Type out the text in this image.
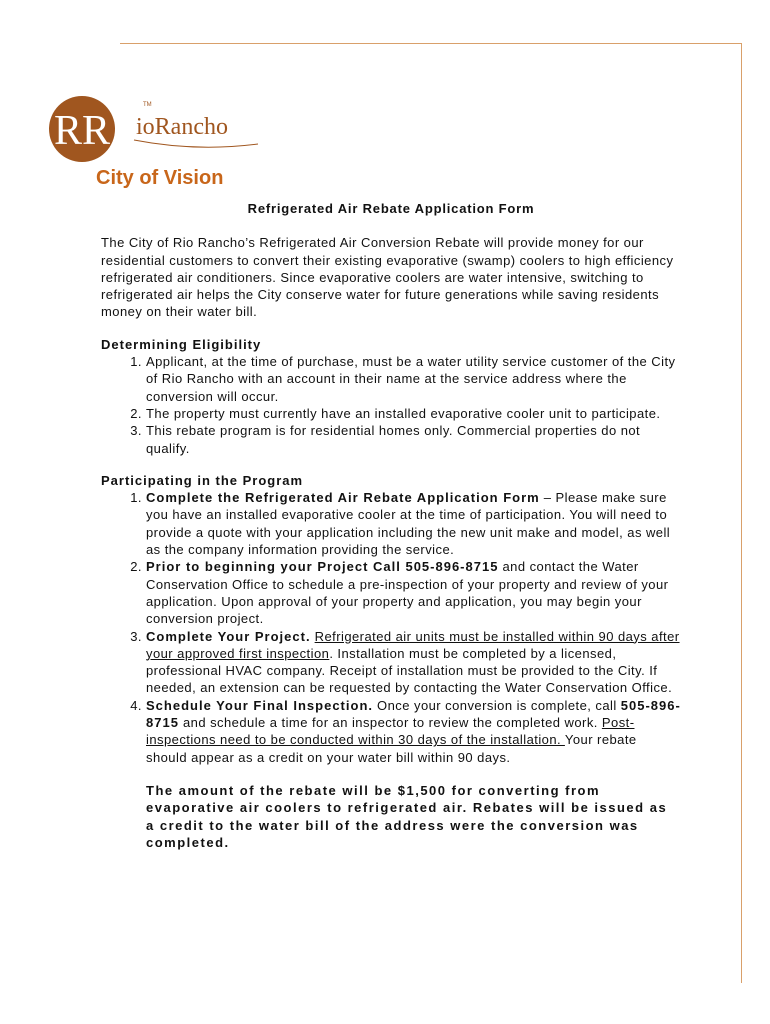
RR
TM
ioRancho
City of Vision
Refrigerated Air Rebate Application Form

The City of Rio Rancho’s Refrigerated Air Conversion Rebate will provide money for our residential customers to convert their existing evaporative (swamp) coolers to high efficiency refrigerated air conditioners. Since evaporative coolers are water intensive, switching to refrigerated air helps the City conserve water for future generations while saving residents money on their water bill.

Determining Eligibility

1. Applicant, at the time of purchase, must be a water utility service customer of the City of Rio Rancho with an account in their name at the service address where the conversion will occur.
2. The property must currently have an installed evaporative cooler unit to participate.
3. This rebate program is for residential homes only. Commercial properties do not qualify.

Participating in the Program

1. Complete the Refrigerated Air Rebate Application Form – Please make sure you have an installed evaporative cooler at the time of participation. You will need to provide a quote with your application including the new unit make and model, as well as the company information providing the service.
2. Prior to beginning your Project Call 505-896-8715 and contact the Water Conservation Office to schedule a pre-inspection of your property and review of your application. Upon approval of your property and application, you may begin your conversion project.
3. Complete Your Project. Refrigerated air units must be installed within 90 days after your approved first inspection. Installation must be completed by a licensed, professional HVAC company. Receipt of installation must be provided to the City. If needed, an extension can be requested by contacting the Water Conservation Office.
4. Schedule Your Final Inspection. Once your conversion is complete, call 505-896-8715 and schedule a time for an inspector to review the completed work. Post-inspections need to be conducted within 30 days of the installation. Your rebate should appear as a credit on your water bill within 90 days.

The amount of the rebate will be $1,500 for converting from evaporative air coolers to refrigerated air. Rebates will be issued as a credit to the water bill of the address were the conversion was completed.
